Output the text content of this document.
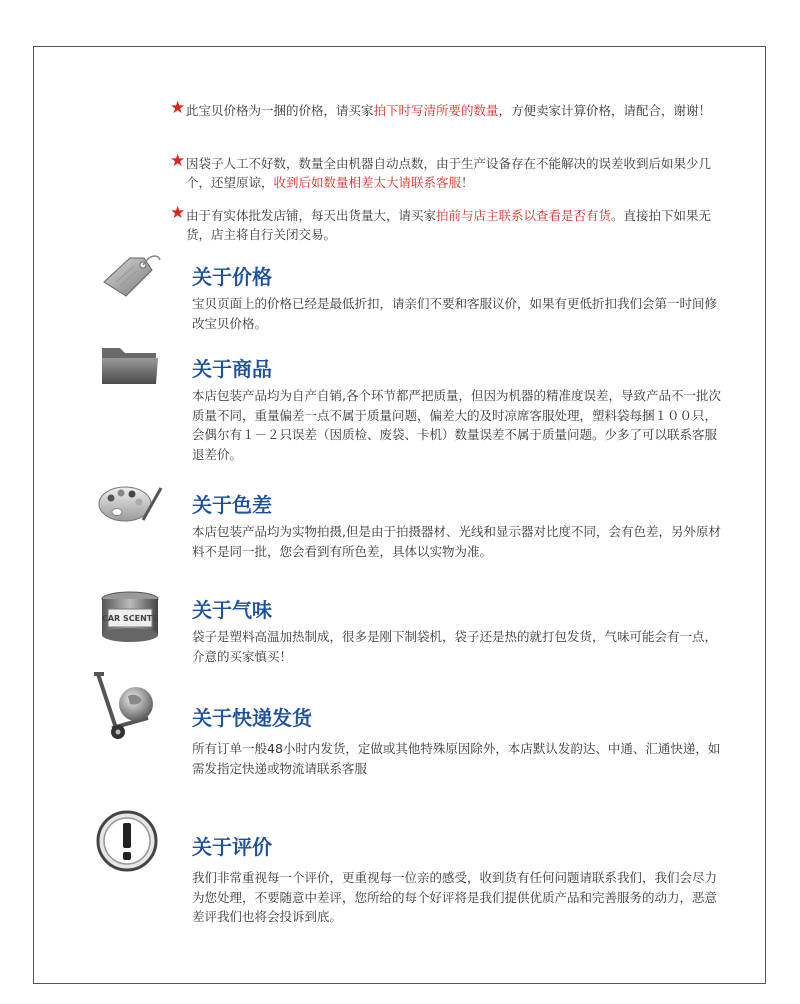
★ 此宝贝价格为一捆的价格，请买家拍下时写清所要的数量，方便卖家计算价格，请配合，谢谢！
★ 因袋子人工不好数，数量全由机器自动点数，由于生产设备存在不能解决的误差收到后如果少几个，还望原谅，收到后如数量相差太大请联系客服！
★ 由于有实体批发店铺，每天出货量大，请买家拍前与店主联系以查看是否有货。直接拍下如果无货，店主将自行关闭交易。
CAR SCENTS
关于价格

宝贝页面上的价格已经是最低折扣，请亲们不要和客服议价，如果有更低折扣我们会第一时间修改宝贝价格。

关于商品

本店包装产品均为自产自销,各个环节都严把质量，但因为机器的精准度误差，导致产品不一批次质量不同，重量偏差一点不属于质量问题，偏差大的及时凉席客服处理，塑料袋每捆１００只，会偶尔有１－２只误差（因质检、废袋、卡机）数量误差不属于质量问题。少多了可以联系客服退差价。

关于色差

本店包装产品均为实物拍摄,但是由于拍摄器材、光线和显示器对比度不同，会有色差，另外原材料不是同一批，您会看到有所色差，具体以实物为准。

关于气味

袋子是塑料高温加热制成，很多是刚下制袋机，袋子还是热的就打包发货，气味可能会有一点，介意的买家慎买！

关于快递发货

所有订单一般48小时内发货，定做或其他特殊原因除外，本店默认发韵达、中通、汇通快递，如需发指定快递或物流请联系客服

关于评价

我们非常重视每一个评价，更重视每一位亲的感受，收到货有任何问题请联系我们，我们会尽力为您处理，不要随意中差评，您所给的每个好评将是我们提供优质产品和完善服务的动力，恶意差评我们也将会投诉到底。
